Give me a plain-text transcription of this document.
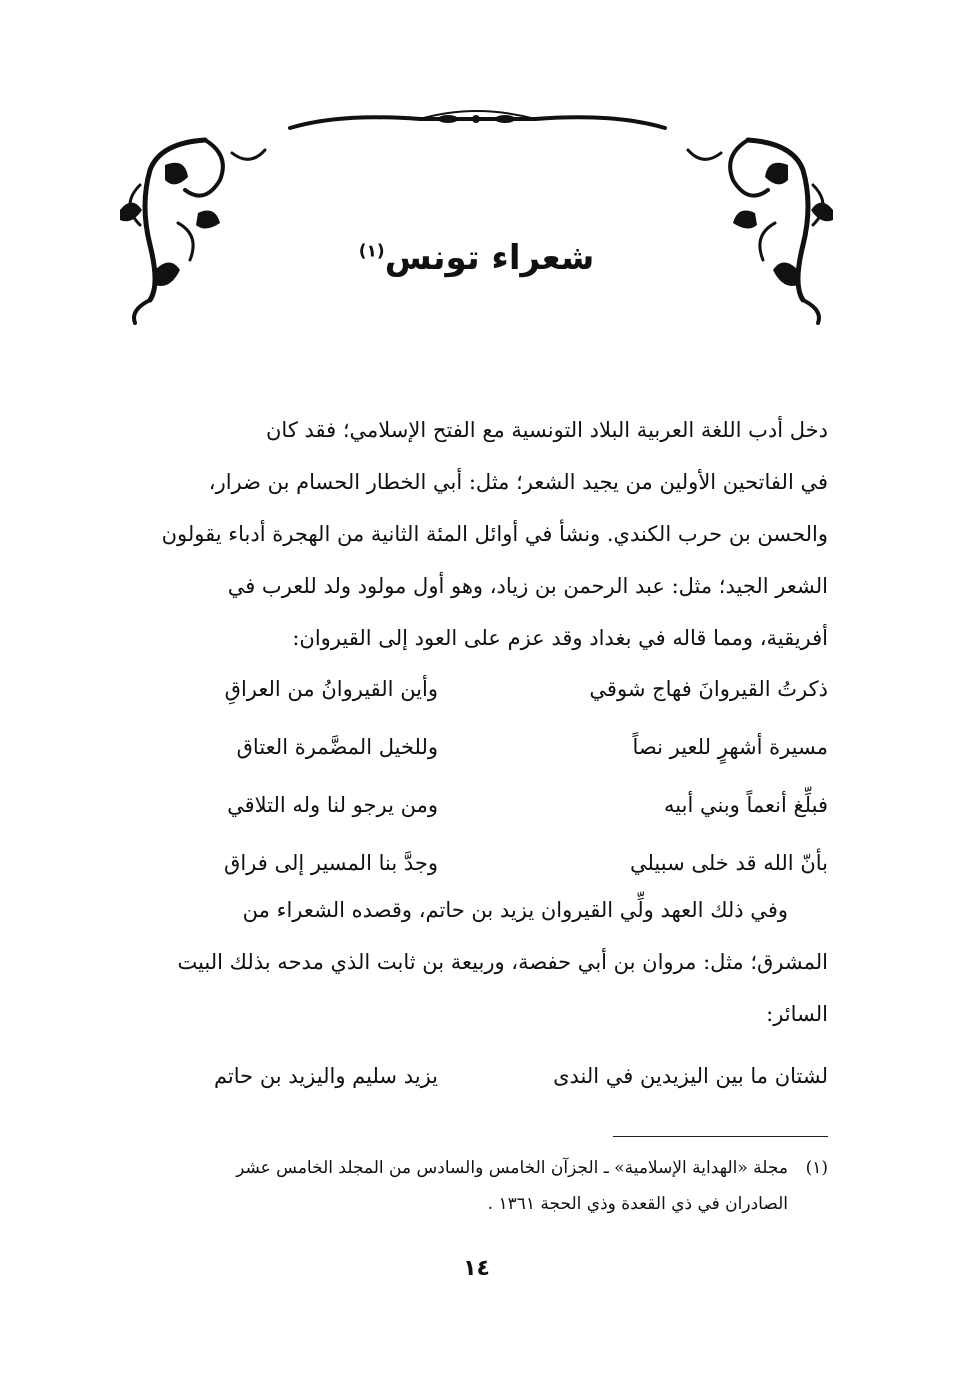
شعراء تونس$^{(١)}$
دخل أدب اللغة العربية البلاد التونسية مع الفتح الإسلامي؛ فقد كان
في الفاتحين الأولين من يجيد الشعر؛ مثل: أبي الخطار الحسام بن ضرار،
والحسن بن حرب الكندي. ونشأ في أوائل المئة الثانية من الهجرة أدباء يقولون
الشعر الجيد؛ مثل: عبد الرحمن بن زياد، وهو أول مولود ولد للعرب في
أفريقية، ومما قاله في بغداد وقد عزم على العود إلى القيروان:
ذكرتُ القيروانَ فهاج شوقي
وأين القيروانُ من العراقِ
مسيرة أشهرٍ للعير نصاً
وللخيل المضَّمرة العتاق
فبلِّغ أنعماً وبني أبيه
ومن يرجو لنا وله التلاقي
بأنّ الله قد خلى سبيلي
وجدَّ بنا المسير إلى فراق
وفي ذلك العهد ولِّي القيروان يزيد بن حاتم، وقصده الشعراء من
المشرق؛ مثل: مروان بن أبي حفصة، وربيعة بن ثابت الذي مدحه بذلك البيت
السائر:
لشتان ما بين اليزيدين في الندى
يزيد سليم واليزيد بن حاتم
(١)مجلة «الهداية الإسلامية» ـ الجزآن الخامس والسادس من المجلد الخامس عشر
الصادران في ذي القعدة وذي الحجة ١٣٦١ .
١٤
